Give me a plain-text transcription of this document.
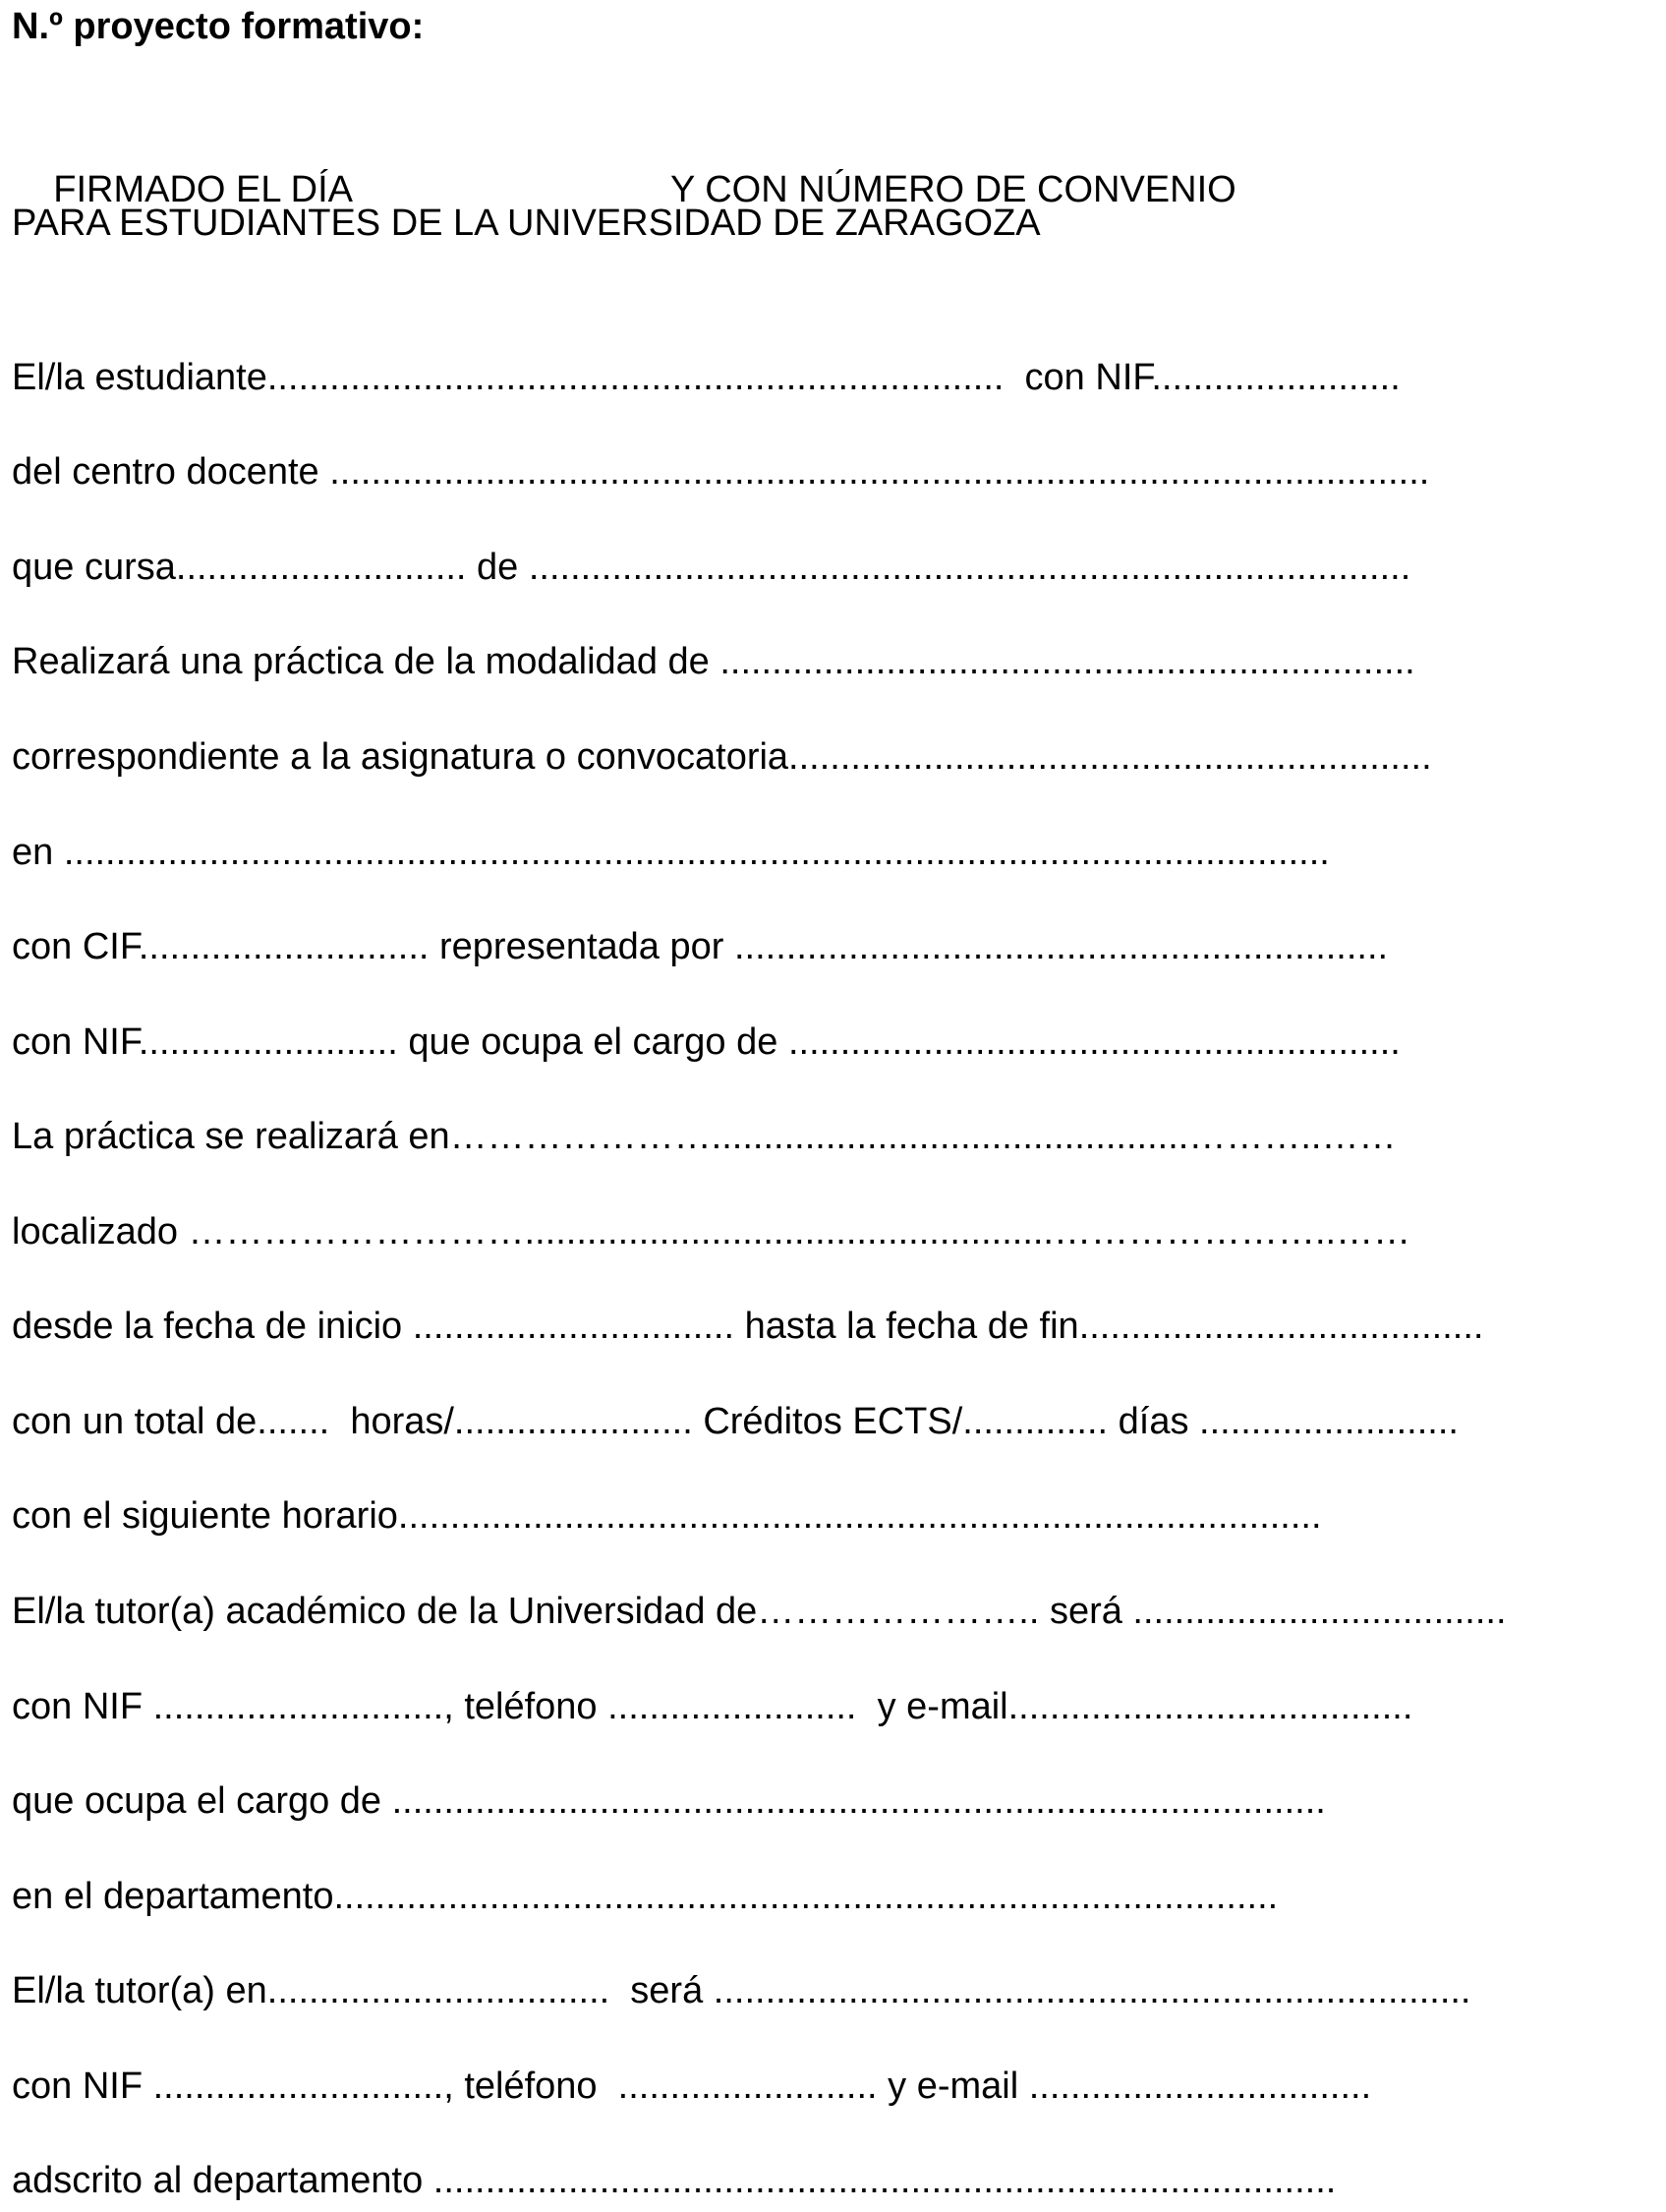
N.º proyecto formativo:

FIRMADO EL DÍA	Y CON NÚMERO DE CONVENIO

PARA ESTUDIANTES DE LA UNIVERSIDAD DE ZARAGOZA

El/la estudiante.......................................................................  con NIF........................

del centro docente ..........................................................................................................

que cursa............................ de .....................................................................................

Realizará una práctica de la modalidad de ...................................................................

correspondiente a la asignatura o convocatoria..............................................................

en ..........................................................................................................................

con CIF............................ representada por ...............................................................

con NIF......................... que ocupa el cargo de ...........................................................

La práctica se realizará en…………………..............................................………..……

localizado ………………………...................................................…………………..……

desde la fecha de inicio ............................... hasta la fecha de fin.......................................

con un total de.......  horas/....................... Créditos ECTS/.............. días .........................

con el siguiente horario.........................................................................................

El/la tutor(a) académico de la Universidad de………………….. será ....................................

con NIF ............................, teléfono ........................  y e-mail.......................................

que ocupa el cargo de ..........................................................................................

en el departamento...........................................................................................

El/la tutor(a) en.................................  será .........................................................................

con NIF ............................, teléfono  ......................... y e-mail .................................

adscrito al departamento .......................................................................................
